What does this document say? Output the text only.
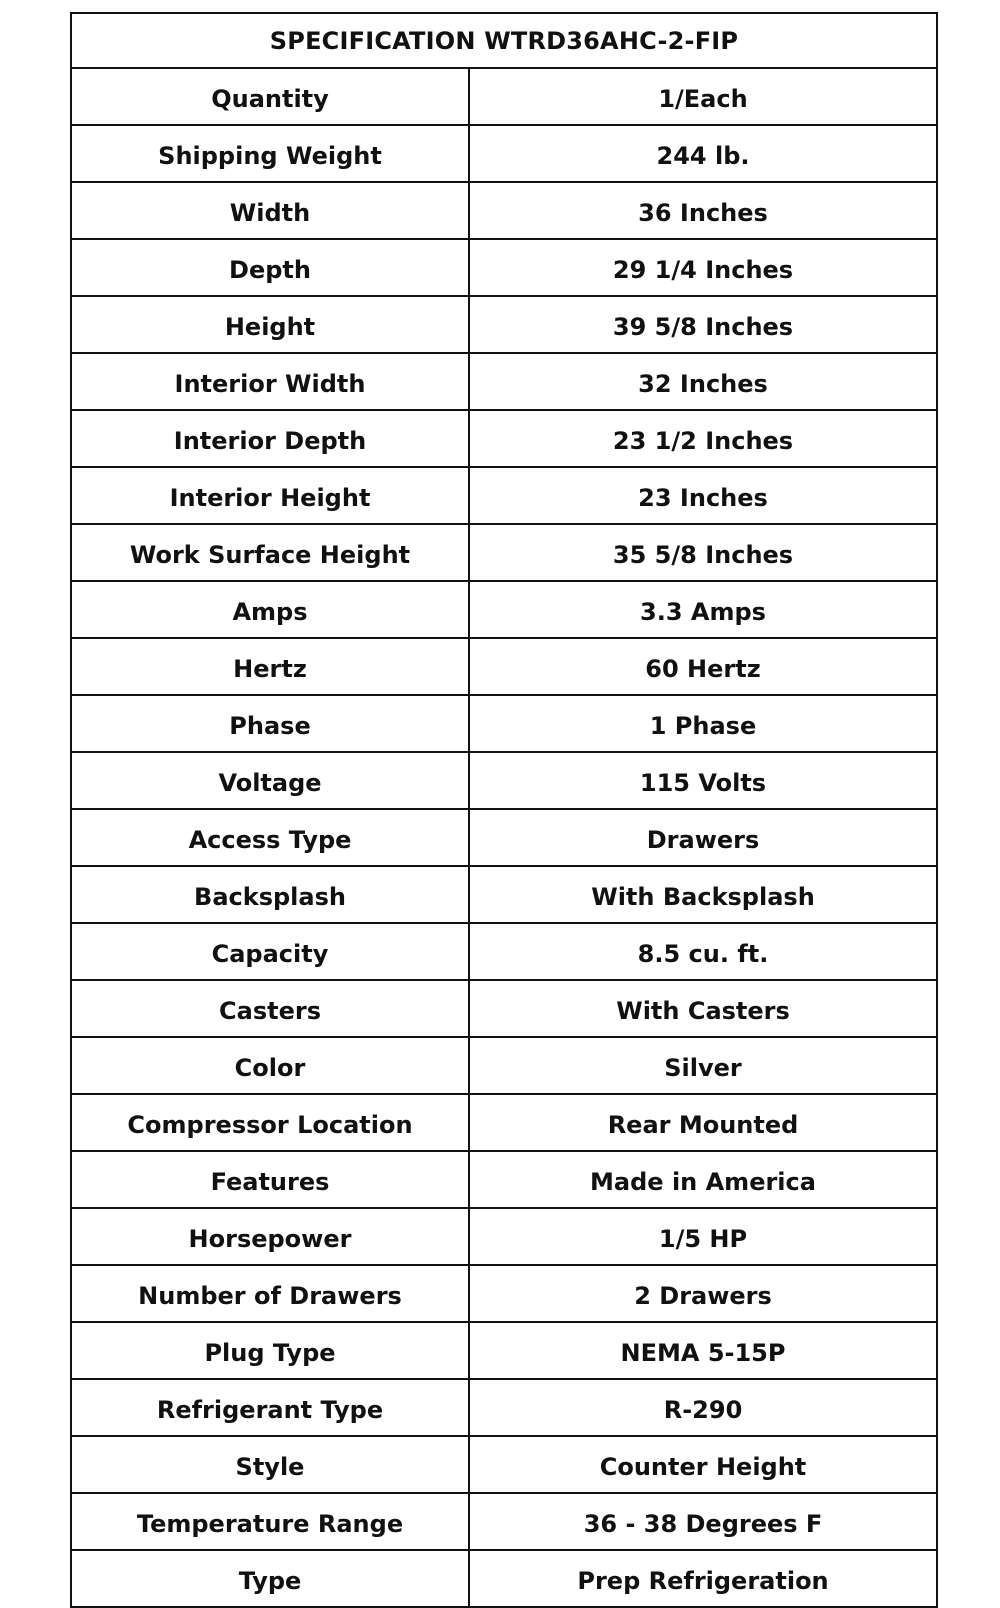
SPECIFICATION WTRD36AHC-2-FIP	
Quantity	1/Each
Shipping Weight	244 lb.
Width	36 Inches
Depth	29 1/4 Inches
Height	39 5/8 Inches
Interior Width	32 Inches
Interior Depth	23 1/2 Inches
Interior Height	23 Inches
Work Surface Height	35 5/8 Inches
Amps	3.3 Amps
Hertz	60 Hertz
Phase	1 Phase
Voltage	115 Volts
Access Type	Drawers
Backsplash	With Backsplash
Capacity	8.5 cu. ft.
Casters	With Casters
Color	Silver
Compressor Location	Rear Mounted
Features	Made in America
Horsepower	1/5 HP
Number of Drawers	2 Drawers
Plug Type	NEMA 5-15P
Refrigerant Type	R-290
Style	Counter Height
Temperature Range	36 - 38 Degrees F
Type	Prep Refrigeration
